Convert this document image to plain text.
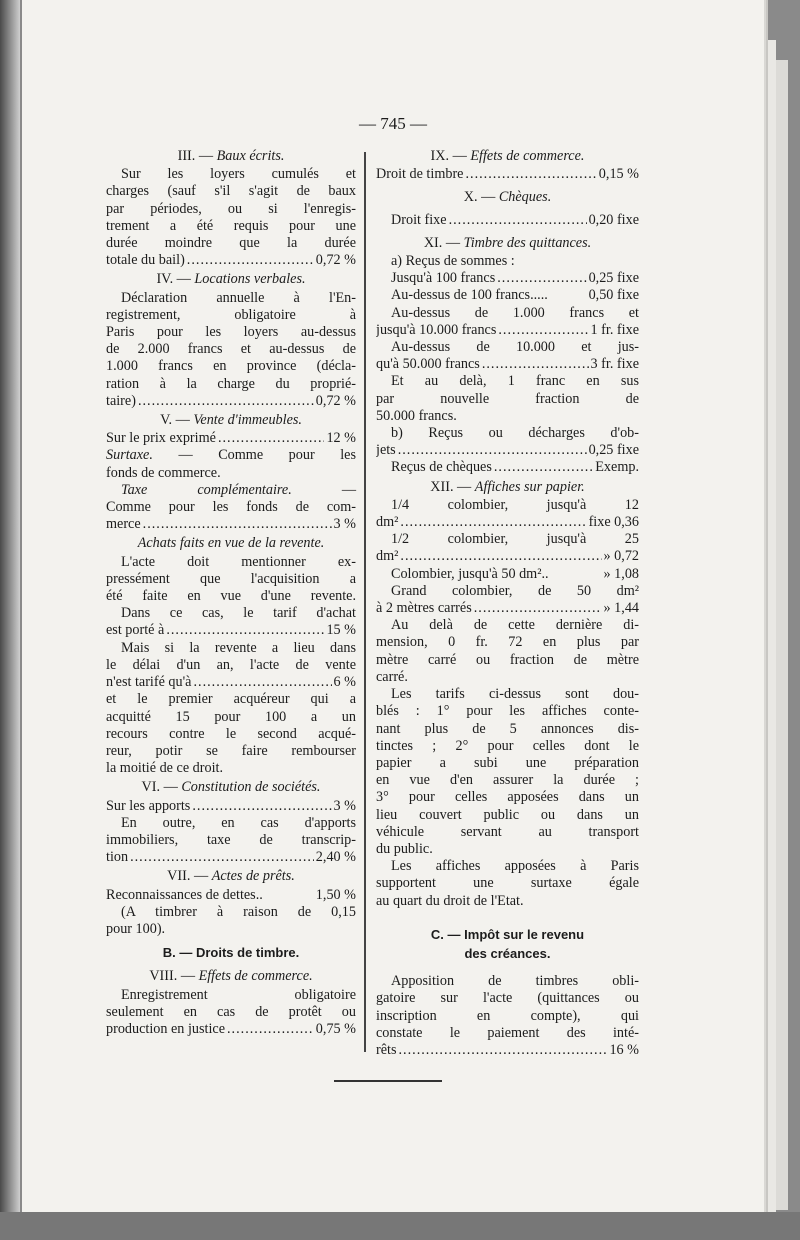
— 745 —
III. — Baux écrits.
Sur les loyers cumulés et
charges (sauf s'il s'agit de baux
par périodes, ou si l'enregis-
trement a été requis pour une
durée moindre que la durée
totale du bail) .....	0,72 %
IV. — Locations verbales.
Déclaration annuelle à l'En-
registrement, obligatoire à
Paris pour les loyers au-dessus
de 2.000 francs et au-dessus de
1.000 francs en province (décla-
ration à la charge du proprié-
taire) .....	0,72 %
V. — Vente d'immeubles.
Sur le prix exprimé .....	12 %
Surtaxe. — Comme pour les
fonds de commerce.
Taxe complémentaire. —
Comme pour les fonds de com-
merce .....	3 %
Achats faits en vue de la revente.
L'acte doit mentionner ex-
pressément que l'acquisition a
été faite en vue d'une revente.
Dans ce cas, le tarif d'achat
est porté à .....	15 %
Mais si la revente a lieu dans
le délai d'un an, l'acte de vente
n'est tarifé qu'à .....	6 %
et le premier acquéreur qui a
acquitté 15 pour 100 a un
recours contre le second acqué-
reur, potir se faire rembourser
la moitié de ce droit.
VI. — Constitution de sociétés.
Sur les apports .....	3 %
En outre, en cas d'apports
immobiliers, taxe de transcrip-
tion .....	2,40 %
VII. — Actes de prêts.
Reconnaissances de dettes..	1,50 %
(A timbrer à raison de 0,15
pour 100).
B. — Droits de timbre.
VIII. — Effets de commerce.
Enregistrement obligatoire
seulement en cas de protêt ou
production en justice .....	0,75 %
IX. — Effets de commerce.
Droit de timbre .....	0,15 %
X. — Chèques.
Droit fixe .....	0,20 fixe
XI. — Timbre des quittances.
a) Reçus de sommes :
Jusqu'à 100 francs .....	0,25 fixe
Au-dessus de 100 francs.....	0,50 fixe
Au-dessus de 1.000 francs et
jusqu'à 10.000 francs .....	1 fr. fixe
Au-dessus de 10.000 et jus-
qu'à 50.000 francs .....	3 fr. fixe
Et au delà, 1 franc en sus
par nouvelle fraction de
50.000 francs.
b) Reçus ou décharges d'ob-
jets .....	0,25 fixe
Reçus de chèques .....	Exemp.
XII. — Affiches sur papier.
1/4 colombier, jusqu'à 12
dm² .....	fixe 0,36
1/2 colombier, jusqu'à 25
dm² .....	» 0,72
Colombier, jusqu'à 50 dm²..	» 1,08
Grand colombier, de 50 dm²
à 2 mètres carrés .....	» 1,44
Au delà de cette dernière di-
mension, 0 fr. 72 en plus par
mètre carré ou fraction de mètre
carré.
Les tarifs ci-dessus sont dou-
blés : 1° pour les affiches conte-
nant plus de 5 annonces dis-
tinctes ; 2° pour celles dont le
papier a subi une préparation
en vue d'en assurer la durée ;
3° pour celles apposées dans un
lieu couvert public ou dans un
véhicule servant au transport
du public.
Les affiches apposées à Paris
supportent une surtaxe égale
au quart du droit de l'Etat.
C. — Impôt sur le revenu
des créances.
Apposition de timbres obli-
gatoire sur l'acte (quittances ou
inscription en compte), qui
constate le paiement des inté-
rêts .....	16 %
